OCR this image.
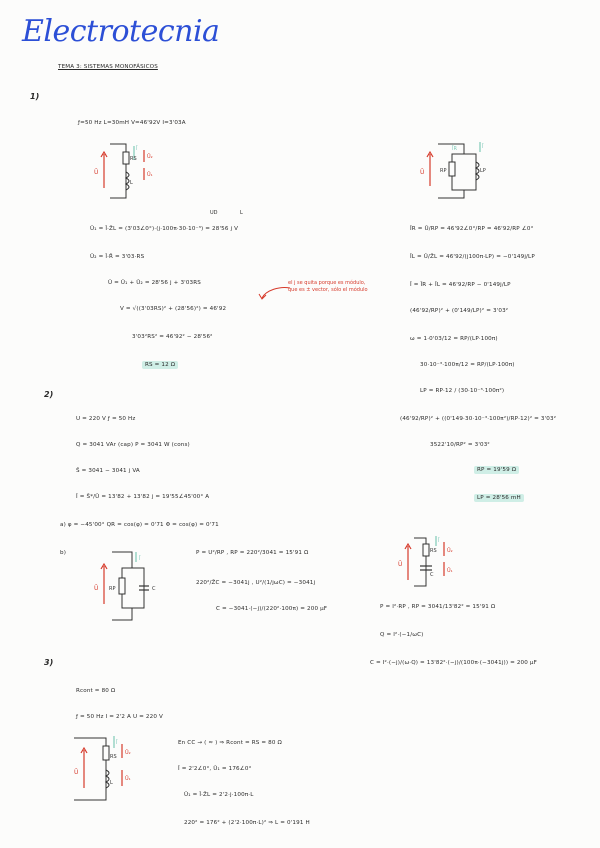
Electrotecnia
TEMA 3: SISTEMAS MONOFÁSICOS
1)
ƒ=50 Hz L=30mH V=46'92V I=3'03A
Ū
RS
L
Ū₂
Ū₁
Ī
Ū	RP	LP
ĪR	Ī
UD	L
Ū₁ = Ī·Z̄L = (3'03∠0°)·(j·100π·30·10⁻³) = 28'56 j V
Ū₂ = Ī·R̄ = 3'03·RS
Ū = Ū₁ + Ū₂ = 28'56 j + 3'03RS
V = √((3'03RS)² + (28'56)²) = 46'92
3'03²RS² = 46'92² − 28'56²
RS = 12 Ω
el j se quita porque es módulo, que es ± vector, sólo el módulo
ĪR = Ū/RP = 46'92∠0°/RP = 46'92/RP ∠0°
ĪL = Ū/Z̄L = 46'92/(j100π·LP) = −0'149j/LP
Ī = ĪR + ĪL = 46'92/RP − 0'149j/LP
(46'92/RP)² + (0'149/LP)² = 3'03²
ω = 1·0'03/12 = RP/(LP·100π)
30·10⁻³·100π/12 = RP/(LP·100π)
LP = RP·12 / (30·10⁻³·100π²)
(46'92/RP)² + ((0'149·30·10⁻³·100π²)/RP·12)² = 3'03²
3522'10/RP² = 3'03²
RP = 19'59 Ω
LP = 28'56 mH
2)
U = 220 V ƒ = 50 Hz
Q = 3041 VAr (cap) P = 3041 W (cons)
S̄ = 3041 − 3041 j VA
Ī = S̄*/Ū = 13'82 + 13'82 j = 19'55∠45'00° A
a) φ = −45'00° QR = cos(φ) = 0'71 Φ = cos(φ) = 0'71
b)
Ū RP	C
Ī
P = U²/RP , RP = 220²/3041 = 15'91 Ω
220²/Z̄C = −3041j , U²/(1/jωC) = −3041j
C = −3041·(−j)/(220²·100π) = 200 μF
Ū
RS
C
Ū₂
Ū₁
Ī
P = I²·RP , RP = 3041/13'82² = 15'91 Ω
Q = I²·(−1/ωC)
C = I²·(−j)/(ω·Q) = 13'82²·(−j)/(100π·(−3041j)) = 200 μF
3)
Rcont = 80 Ω
ƒ = 50 Hz I = 2'2 A U = 220 V
Ū
RS
L
Ū₂
Ū₁
Ī	En CC → ( ≈ ) ⇒ Rcont = RS = 80 Ω
Ī = 2'2∠0°, Ū₁ = 176∠0°
Ū₁ = Ī·Z̄L = 2'2·j·100π·L
220² = 176² + (2'2·100π·L)² ⇒ L = 0'191 H
